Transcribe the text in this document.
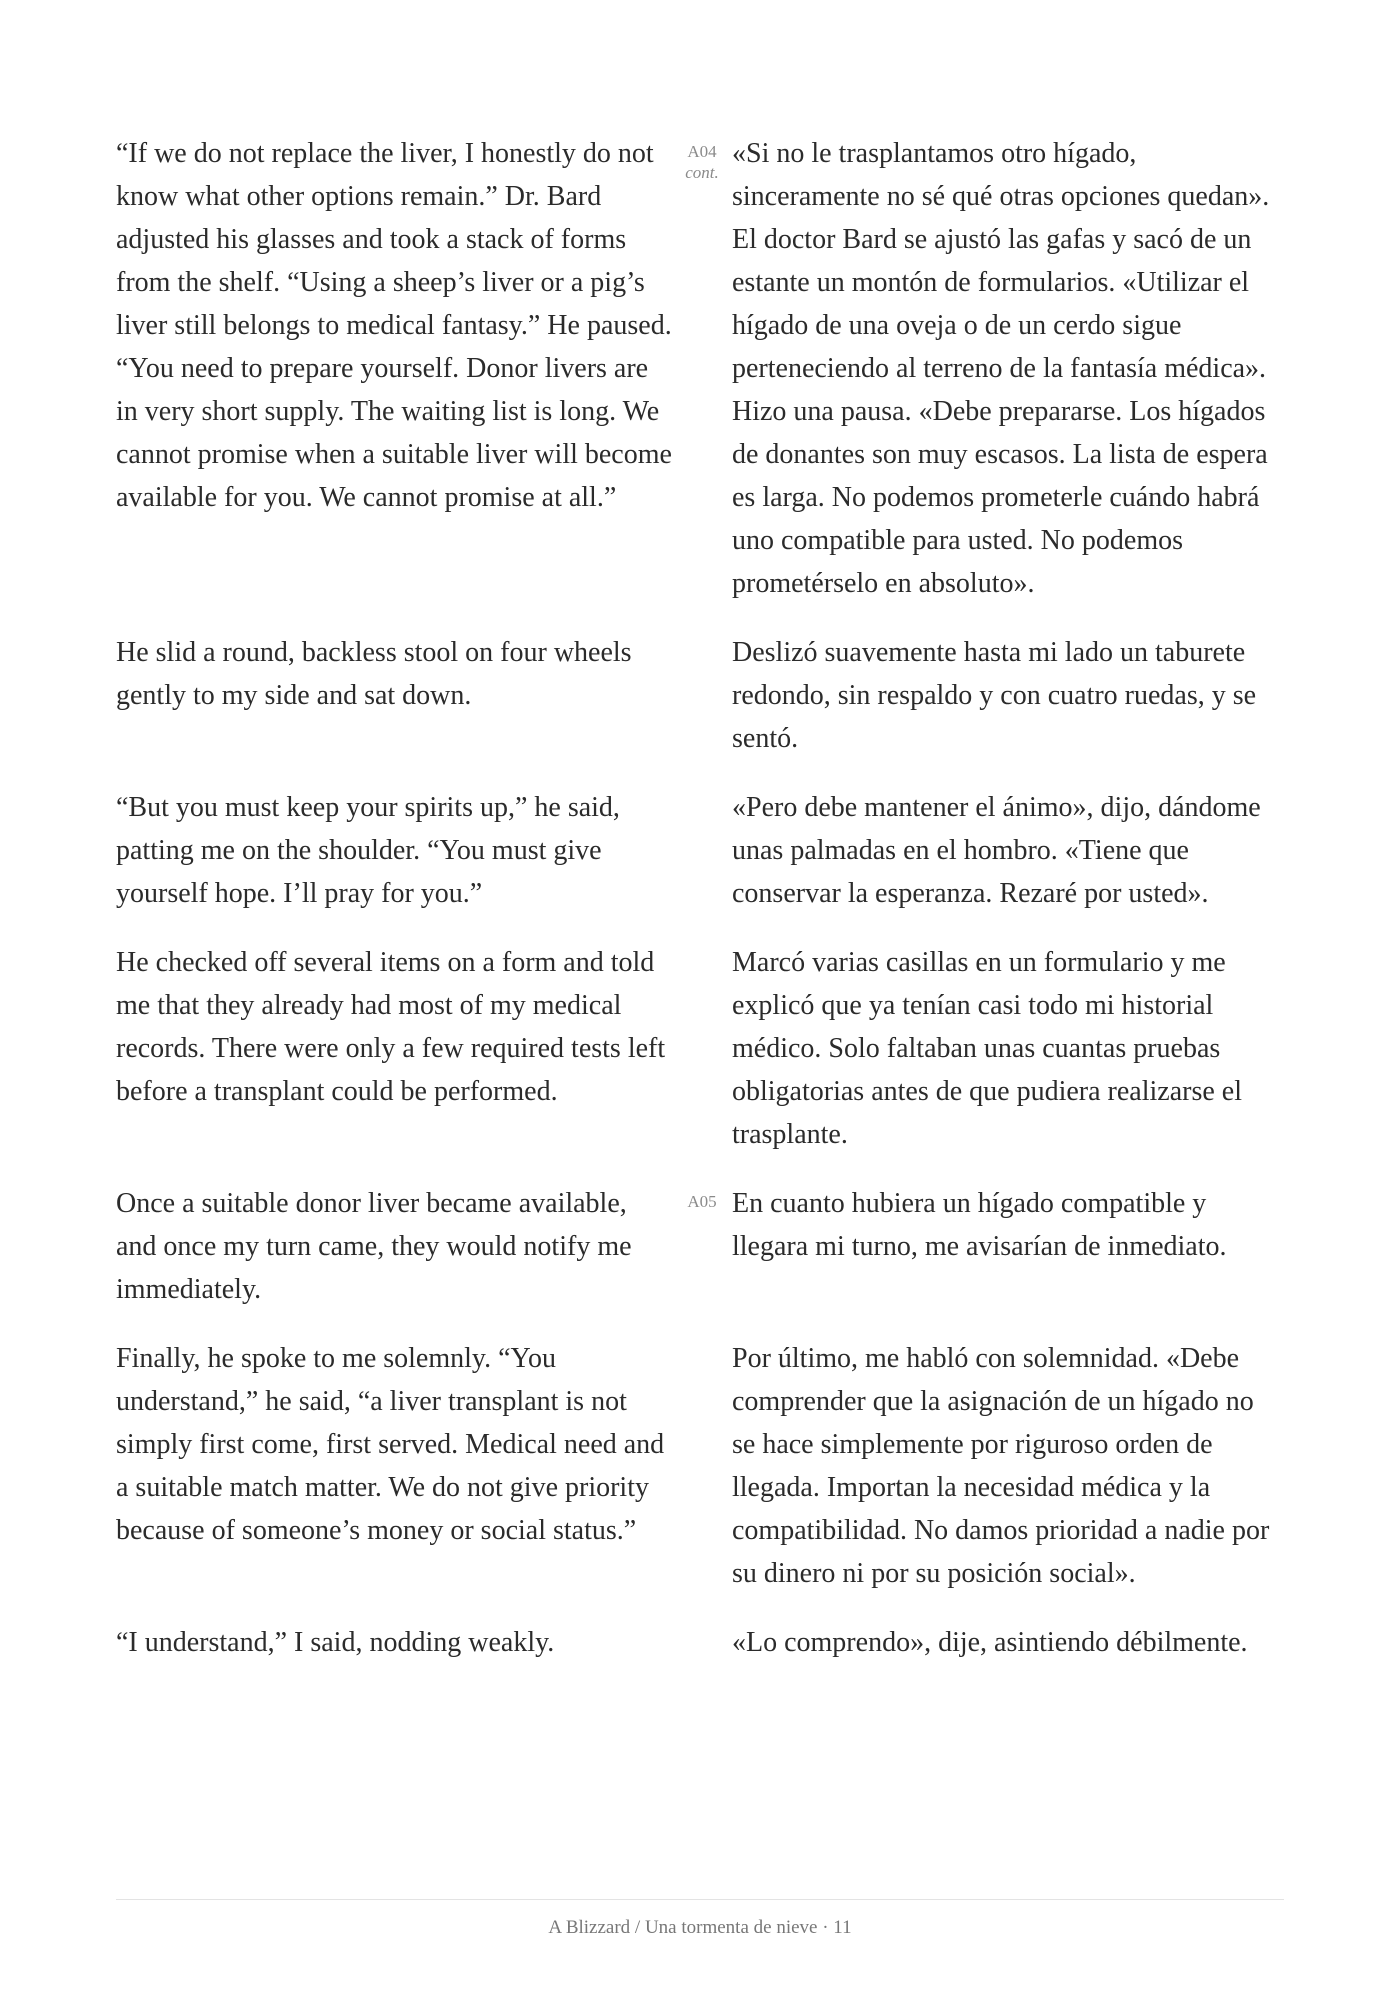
“If we do not replace the liver, I honestly do not know what other options remain.” Dr. Bard adjusted his glasses and took a stack of forms from the shelf. “Using a sheep’s liver or a pig’s liver still belongs to medical fantasy.” He paused. “You need to prepare yourself. Donor livers are in very short supply. The waiting list is long. We cannot promise when a suitable liver will become available for you. We cannot promise at all.”

A04
cont.

«Si no le trasplantamos otro hígado, sinceramente no sé qué otras opciones quedan». El doctor Bard se ajustó las gafas y sacó de un estante un montón de formularios. «Utilizar el hígado de una oveja o de un cerdo sigue perteneciendo al terreno de la fantasía médica». Hizo una pausa. «Debe prepararse. Los hígados de donantes son muy escasos. La lista de espera es larga. No podemos prometerle cuándo habrá uno compatible para usted. No podemos prometérselo en absoluto».

He slid a round, backless stool on four wheels gently to my side and sat down.

Deslizó suavemente hasta mi lado un taburete redondo, sin respaldo y con cuatro ruedas, y se sentó.

“But you must keep your spirits up,” he said, patting me on the shoulder. “You must give yourself hope. I’ll pray for you.”

«Pero debe mantener el ánimo», dijo, dándome unas palmadas en el hombro. «Tiene que conservar la esperanza. Rezaré por usted».

He checked off several items on a form and told me that they already had most of my medical records. There were only a few required tests left before a transplant could be performed.

Marcó varias casillas en un formulario y me explicó que ya tenían casi todo mi historial médico. Solo faltaban unas cuantas pruebas obligatorias antes de que pudiera realizarse el trasplante.

Once a suitable donor liver became available, and once my turn came, they would notify me immediately.

A05 En cuanto hubiera un hígado compatible y llegara mi turno, me avisarían de inmediato.

Finally, he spoke to me solemnly. “You understand,” he said, “a liver transplant is not simply first come, first served. Medical need and a suitable match matter. We do not give priority because of someone’s money or social status.”

Por último, me habló con solemnidad. «Debe comprender que la asignación de un hígado no se hace simplemente por riguroso orden de llegada. Importan la necesidad médica y la compatibilidad. No damos prioridad a nadie por su dinero ni por su posición social».

“I understand,” I said, nodding weakly.	«Lo comprendo», dije, asintiendo débilmente.

A Blizzard / Una tormenta de nieve · 11
